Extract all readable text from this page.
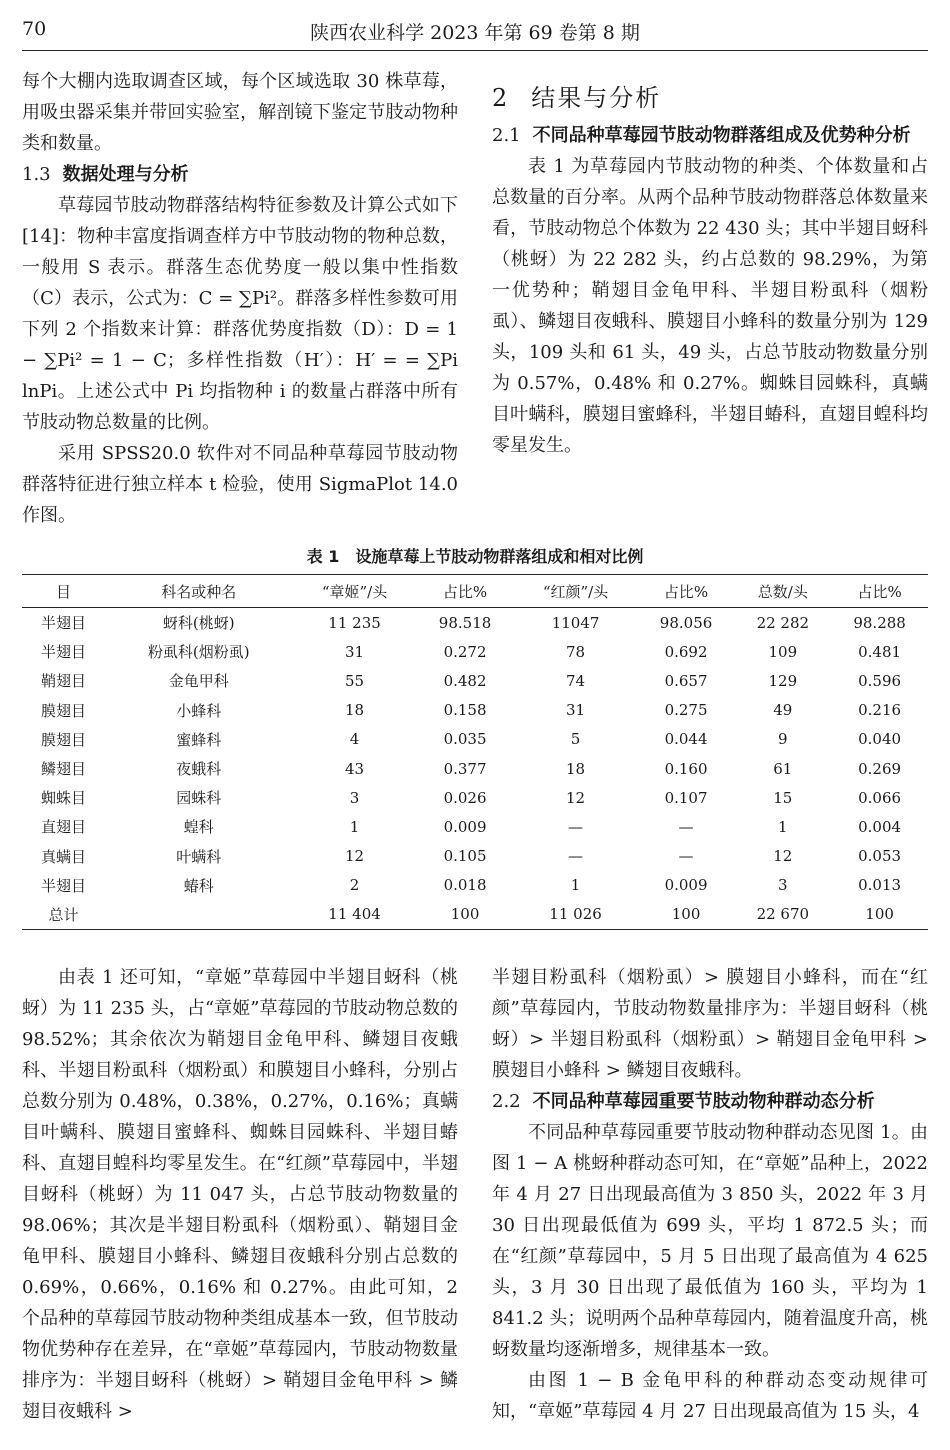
70	陕西农业科学 2023 年第 69 卷第 8 期

每个大棚内选取调查区域，每个区域选取 30 株草莓，用吸虫器采集并带回实验室，解剖镜下鉴定节肢动物种类和数量。

1.3 数据处理与分析

草莓园节肢动物群落结构特征参数及计算公式如下[14]：物种丰富度指调查样方中节肢动物的物种总数，一般用 S 表示。群落生态优势度一般以集中性指数（C）表示，公式为：C = ∑Pi²。群落多样性参数可用下列 2 个指数来计算：群落优势度指数（D）：D = 1 − ∑Pi² = 1 − C；多样性指数（H′）：H′ = = ∑Pi lnPi。上述公式中 Pi 均指物种 i 的数量占群落中所有节肢动物总数量的比例。

采用 SPSS20.0 软件对不同品种草莓园节肢动物群落特征进行独立样本 t 检验，使用 SigmaPlot 14.0 作图。

2 结果与分析
2.1 不同品种草莓园节肢动物群落组成及优势种分析

表 1 为草莓园内节肢动物的种类、个体数量和占总数量的百分率。从两个品种节肢动物群落总体数量来看，节肢动物总个体数为 22 430 头；其中半翅目蚜科（桃蚜）为 22 282 头，约占总数的 98.29%，为第一优势种；鞘翅目金龟甲科、半翅目粉虱科（烟粉虱）、鳞翅目夜蛾科、膜翅目小蜂科的数量分别为 129 头，109 头和 61 头，49 头，占总节肢动物数量分别为 0.57%，0.48% 和 0.27%。蜘蛛目园蛛科，真螨目叶螨科，膜翅目蜜蜂科，半翅目蝽科，直翅目蝗科均零星发生。

表 1　设施草莓上节肢动物群落组成和相对比例
目	科名或种名	“章姬”/头	占比%	“红颜”/头	占比%	总数/头	占比%
半翅目	蚜科(桃蚜)	11 235	98.518	11047	98.056	22 282	98.288
半翅目	粉虱科(烟粉虱)	31	0.272	78	0.692	109	0.481
鞘翅目	金龟甲科	55	0.482	74	0.657	129	0.596
膜翅目	小蜂科	18	0.158	31	0.275	49	0.216
膜翅目	蜜蜂科	4	0.035	5	0.044	9	0.040
鳞翅目	夜蛾科	43	0.377	18	0.160	61	0.269
蜘蛛目	园蛛科	3	0.026	12	0.107	15	0.066
直翅目	蝗科	1	0.009	—	—	1	0.004
真螨目	叶螨科	12	0.105	—	—	12	0.053
半翅目	蝽科	2	0.018	1	0.009	3	0.013
总计		11 404	100	11 026	100	22 670	100

由表 1 还可知，“章姬”草莓园中半翅目蚜科（桃蚜）为 11 235 头，占“章姬”草莓园的节肢动物总数的 98.52%；其余依次为鞘翅目金龟甲科、鳞翅目夜蛾科、半翅目粉虱科（烟粉虱）和膜翅目小蜂科，分别占总数分别为 0.48%，0.38%，0.27%，0.16%；真螨目叶螨科、膜翅目蜜蜂科、蜘蛛目园蛛科、半翅目蝽科、直翅目蝗科均零星发生。在“红颜”草莓园中，半翅目蚜科（桃蚜）为 11 047 头，占总节肢动物数量的 98.06%；其次是半翅目粉虱科（烟粉虱）、鞘翅目金龟甲科、膜翅目小蜂科、鳞翅目夜蛾科分别占总数的 0.69%，0.66%，0.16% 和 0.27%。由此可知，2 个品种的草莓园节肢动物种类组成基本一致，但节肢动物优势种存在差异，在“章姬”草莓园内，节肢动物数量排序为：半翅目蚜科（桃蚜）> 鞘翅目金龟甲科 > 鳞翅目夜蛾科 >

半翅目粉虱科（烟粉虱）> 膜翅目小蜂科，而在“红颜”草莓园内，节肢动物数量排序为：半翅目蚜科（桃蚜）> 半翅目粉虱科（烟粉虱）> 鞘翅目金龟甲科 > 膜翅目小蜂科 > 鳞翅目夜蛾科。

2.2 不同品种草莓园重要节肢动物种群动态分析

不同品种草莓园重要节肢动物种群动态见图 1。由图 1 − A 桃蚜种群动态可知，在“章姬”品种上，2022 年 4 月 27 日出现最高值为 3 850 头，2022 年 3 月 30 日出现最低值为 699 头，平均 1 872.5 头；而在“红颜”草莓园中，5 月 5 日出现了最高值为 4 625 头，3 月 30 日出现了最低值为 160 头，平均为 1 841.2 头；说明两个品种草莓园内，随着温度升高，桃蚜数量均逐渐增多，规律基本一致。

由图 1 − B 金龟甲科的种群动态变动规律可知，“章姬”草莓园 4 月 27 日出现最高值为 15 头，4
